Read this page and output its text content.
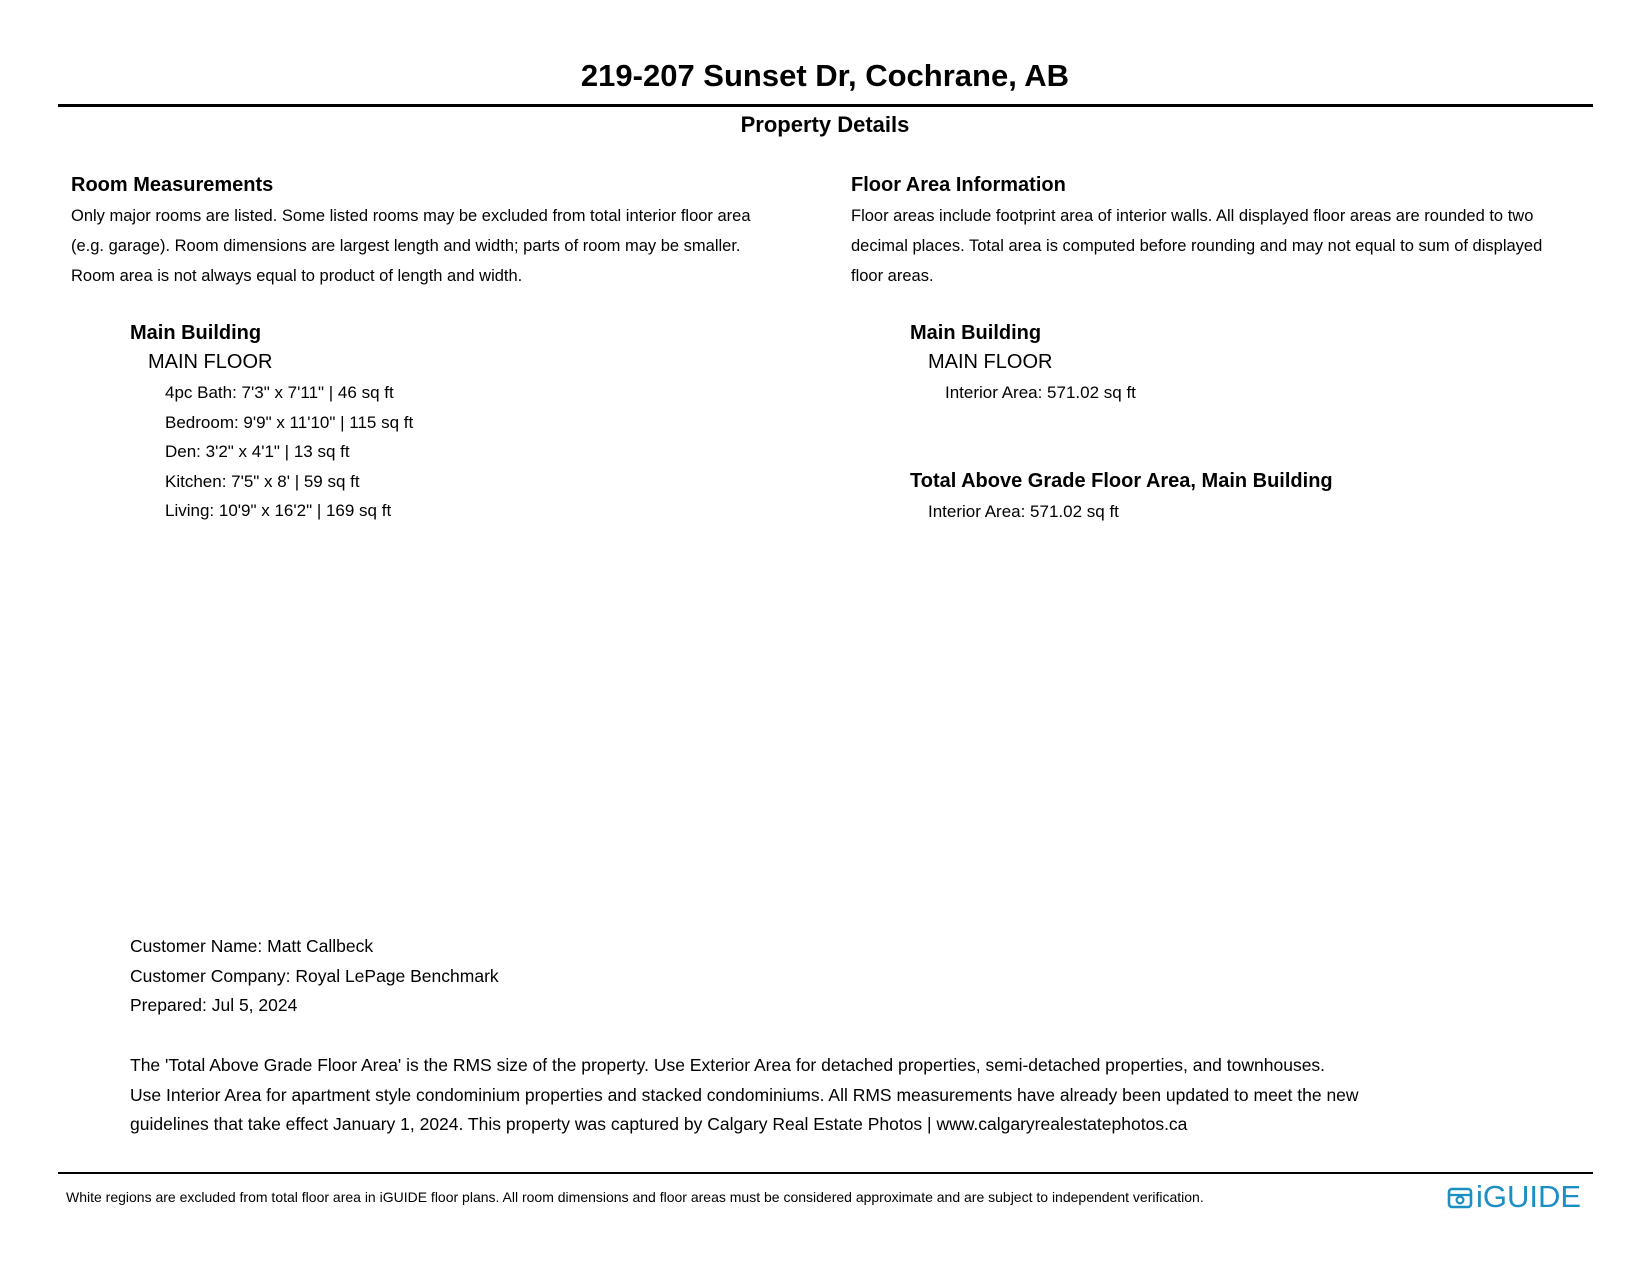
219-207 Sunset Dr, Cochrane, AB
Property Details
Room Measurements
Only major rooms are listed. Some listed rooms may be excluded from total interior floor area
(e.g. garage). Room dimensions are largest length and width; parts of room may be smaller.
Room area is not always equal to product of length and width.
Main Building
MAIN FLOOR
4pc Bath: 7'3" x 7'11" | 46 sq ft
Bedroom: 9'9" x 11'10" | 115 sq ft
Den: 3'2" x 4'1" | 13 sq ft
Kitchen: 7'5" x 8' | 59 sq ft
Living: 10'9" x 16'2" | 169 sq ft
Floor Area Information
Floor areas include footprint area of interior walls. All displayed floor areas are rounded to two
decimal places. Total area is computed before rounding and may not equal to sum of displayed
floor areas.
Main Building
MAIN FLOOR
Interior Area: 571.02 sq ft
Total Above Grade Floor Area, Main Building
Interior Area: 571.02 sq ft
Customer Name: Matt Callbeck
Customer Company: Royal LePage Benchmark
Prepared: Jul 5, 2024
The 'Total Above Grade Floor Area' is the RMS size of the property. Use Exterior Area for detached properties, semi-detached properties, and townhouses.
Use Interior Area for apartment style condominium properties and stacked condominiums. All RMS measurements have already been updated to meet the new
guidelines that take effect January 1, 2024. This property was captured by Calgary Real Estate Photos | www.calgaryrealestatephotos.ca
White regions are excluded from total floor area in iGUIDE floor plans. All room dimensions and floor areas must be considered approximate and are subject to independent verification.	iGUIDE
